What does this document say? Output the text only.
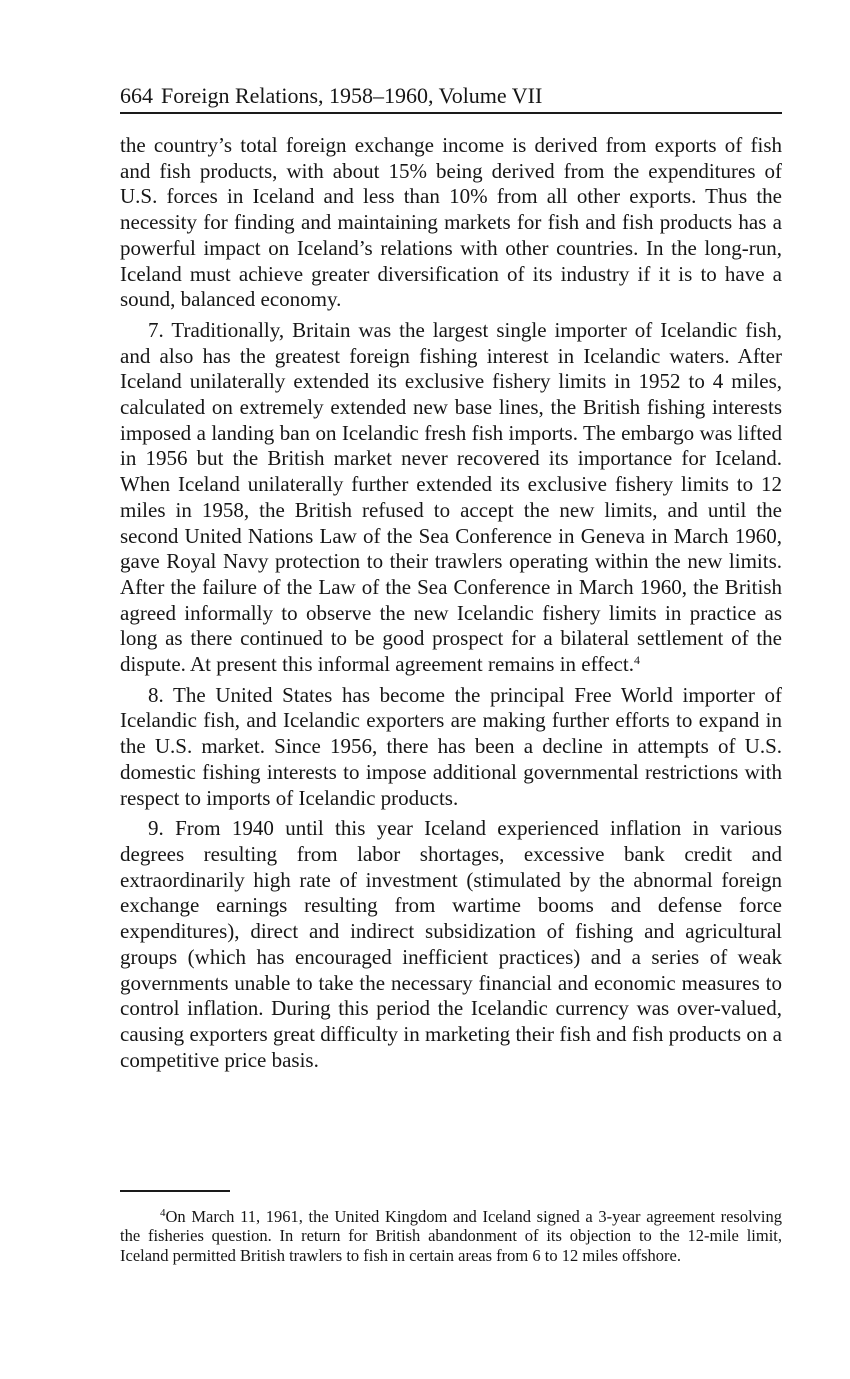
664 Foreign Relations, 1958–1960, Volume VII

the country’s total foreign exchange income is derived from exports of fish and fish products, with about 15% being derived from the expenditures of U.S. forces in Iceland and less than 10% from all other exports. Thus the necessity for finding and maintaining markets for fish and fish products has a powerful impact on Iceland’s relations with other countries. In the long-run, Iceland must achieve greater diversification of its industry if it is to have a sound, balanced economy.

7. Traditionally, Britain was the largest single importer of Icelandic fish, and also has the greatest foreign fishing interest in Icelandic waters. After Iceland unilaterally extended its exclusive fishery limits in 1952 to 4 miles, calculated on extremely extended new base lines, the British fishing interests imposed a landing ban on Icelandic fresh fish imports. The embargo was lifted in 1956 but the British market never recovered its importance for Iceland. When Iceland unilaterally further extended its exclusive fishery limits to 12 miles in 1958, the British refused to accept the new limits, and until the second United Nations Law of the Sea Conference in Geneva in March 1960, gave Royal Navy protection to their trawlers operating within the new limits. After the failure of the Law of the Sea Conference in March 1960, the British agreed informally to observe the new Icelandic fishery limits in practice as long as there continued to be good prospect for a bilateral settlement of the dispute. At present this informal agreement remains in effect.$^4$

8. The United States has become the principal Free World importer of Icelandic fish, and Icelandic exporters are making further efforts to expand in the U.S. market. Since 1956, there has been a decline in attempts of U.S. domestic fishing interests to impose additional governmental restrictions with respect to imports of Icelandic products.

9. From 1940 until this year Iceland experienced inflation in various degrees resulting from labor shortages, excessive bank credit and extraordinarily high rate of investment (stimulated by the abnormal foreign exchange earnings resulting from wartime booms and defense force expenditures), direct and indirect subsidization of fishing and agricultural groups (which has encouraged inefficient practices) and a series of weak governments unable to take the necessary financial and economic measures to control inflation. During this period the Icelandic currency was over-valued, causing exporters great difficulty in marketing their fish and fish products on a competitive price basis.

$^4$On March 11, 1961, the United Kingdom and Iceland signed a 3-year agreement resolving the fisheries question. In return for British abandonment of its objection to the 12-mile limit, Iceland permitted British trawlers to fish in certain areas from 6 to 12 miles offshore.
